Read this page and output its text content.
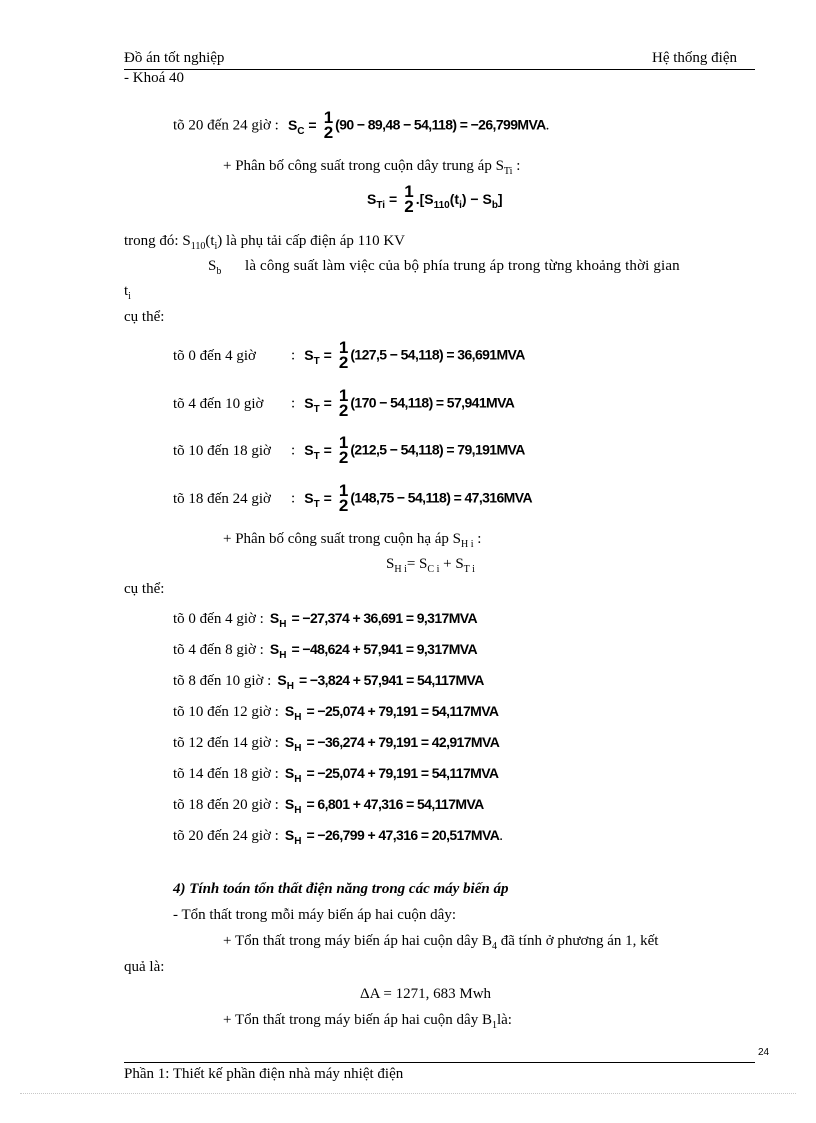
Đồ án tốt nghiệp	Hệ thống điện
- Khoá 40
tõ 20 đến 24 giờ : $S_C = 1$
2 (90 − 89,48 − 54,118) = −26,799MVA.
+ Phân bố công suất trong cuộn dây trung áp $S_{Ti}$ :
$S_{Ti} = 1$
2 $.[S_{110}(t_i) - S_b]$
trong đó: $S_{110}(t_i)$ là phụ tải cấp điện áp 110 KV
$S_b$ là công suất làm việc của bộ phía trung áp trong từng khoảng thời gian
$t_i$
cụ thể:
tõ 0 đến 4 giờ : $S_T = 1$
2 (127,5 − 54,118) = 36,691MVA
tõ 4 đến 10 giờ : $S_T = 1$
2 (170 − 54,118) = 57,941MVA
tõ 10 đến 18 giờ : $S_T = 1$
2 (212,5 − 54,118) = 79,191MVA
tõ 18 đến 24 giờ : $S_T = 1$
2 (148,75 − 54,118) = 47,316MVA
+ Phân bố công suất trong cuộn hạ áp $S_{H i}$ :
$S_{H i}= S_{C i} + S_{T i}$
cụ thể:
tõ 0 đến 4 giờ : $S_H = -27,374 + 36,691 = 9,317MVA$
tõ 4 đến 8 giờ : $S_H = -48,624 + 57,941 = 9,317MVA$
tõ 8 đến 10 giờ : $S_H = -3,824 + 57,941 = 54,117MVA$
tõ 10 đến 12 giờ : $S_H = -25,074 + 79,191 = 54,117MVA$
tõ 12 đến 14 giờ : $S_H = -36,274 + 79,191 = 42,917MVA$
tõ 14 đến 18 giờ : $S_H = -25,074 + 79,191 = 54,117MVA$
tõ 18 đến 20 giờ : $S_H = 6,801 + 47,316 = 54,117MVA$
tõ 20 đến 24 giờ : $S_H = -26,799 + 47,316 = 20,517MVA$.
4) Tính toán tổn thất điện năng trong các máy biến áp
- Tổn thất trong mỗi máy biến áp hai cuộn dây:
+ Tổn thất trong máy biến áp hai cuộn dây $B_4$ đã tính ở phương án 1, kết
quả là:
ΔA = 1271, 683 Mwh
+ Tổn thất trong máy biến áp hai cuộn dây $B_1là$:
24
Phần 1: Thiết kế phần điện nhà máy nhiệt điện
